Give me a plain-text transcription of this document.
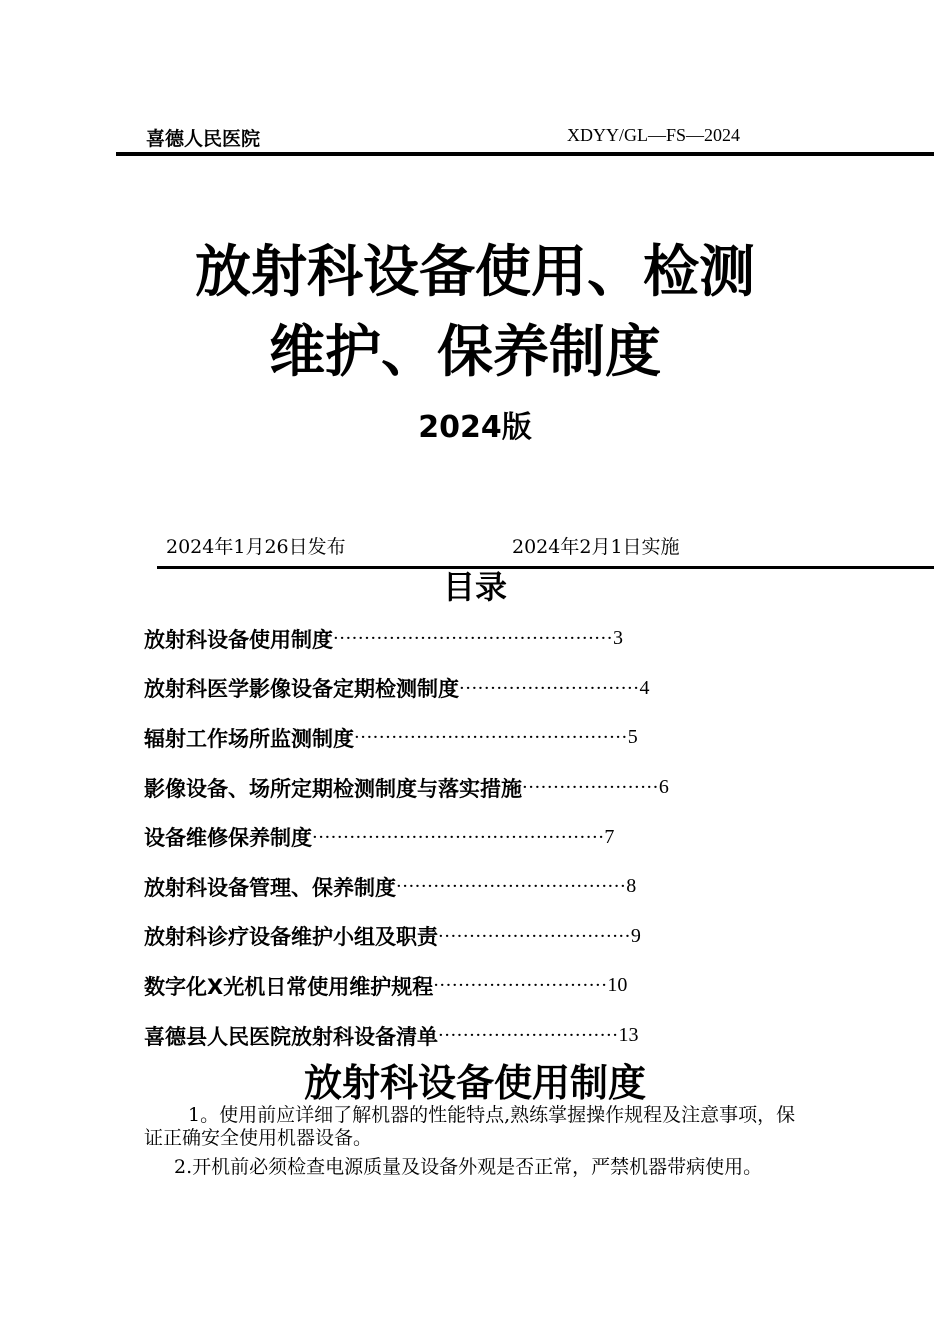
喜德人民医院	XDYY/GL—FS—2024
放射科设备使用、检测
维护、保养制度
2024版
2024年1月26日发布	2024年2月1日实施
目录
放射科设备使用制度 ············································· 3
放射科医学影像设备定期检测制度 ····························· 4
辐射工作场所监测制度 ············································ 5
影像设备、场所定期检测制度与落实措施 ······················ 6
设备维修保养制度 ··············································· 7
放射科设备管理、保养制度 ····································· 8
放射科诊疗设备维护小组及职责 ······························· 9
数字化X光机日常使用维护规程 ···························· 10
喜德县人民医院放射科设备清单 ····························· 13
放射科设备使用制度
1。使用前应详细了解机器的性能特点,熟练掌握操作规程及注意事项，保证正确安全使用机器设备。
2.开机前必须检查电源质量及设备外观是否正常，严禁机器带病使用。
